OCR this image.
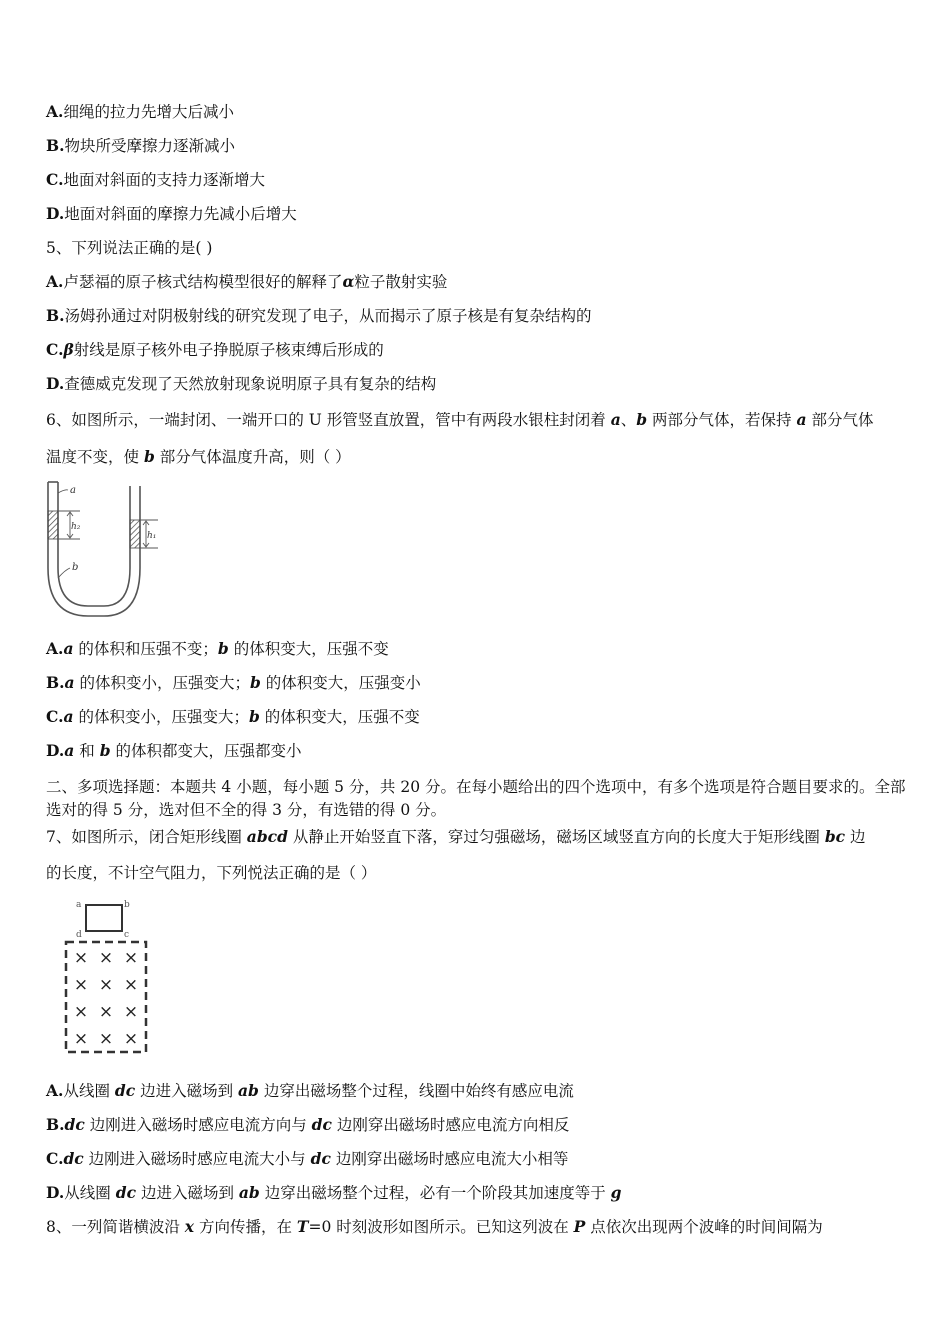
A.细绳的拉力先增大后减小
B.物块所受摩擦力逐渐减小
C.地面对斜面的支持力逐渐增大
D.地面对斜面的摩擦力先减小后增大
5、下列说法正确的是( )
A.卢瑟福的原子核式结构模型很好的解释了α粒子散射实验
B.汤姆孙通过对阴极射线的研究发现了电子，从而揭示了原子核是有复杂结构的
C.β射线是原子核外电子挣脱原子核束缚后形成的
D.查德威克发现了天然放射现象说明原子具有复杂的结构
6、如图所示，一端封闭、一端开口的 U 形管竖直放置，管中有两段水银柱封闭着 a、b 两部分气体，若保持 a 部分气体
温度不变，使 b 部分气体温度升高，则（ ）
a
h₂
h₁
b
A.a 的体积和压强不变；b 的体积变大，压强不变
B.a 的体积变小，压强变大；b 的体积变大，压强变小
C.a 的体积变小，压强变大；b 的体积变大，压强不变
D.a 和 b 的体积都变大，压强都变小
二、多项选择题：本题共 4 小题，每小题 5 分，共 20 分。在每小题给出的四个选项中，有多个选项是符合题目要求的。全部选对的得 5 分，选对但不全的得 3 分，有选错的得 0 分。
7、如图所示，闭合矩形线圈 abcd 从静止开始竖直下落，穿过匀强磁场，磁场区域竖直方向的长度大于矩形线圈 bc 边
的长度，不计空气阻力，下列悦法正确的是（ ）
a	b
c
d
× × ×
× × ×
× × ×
× × ×
A.从线圈 dc 边进入磁场到 ab 边穿出磁场整个过程，线圈中始终有感应电流
B.dc 边刚进入磁场时感应电流方向与 dc 边刚穿出磁场时感应电流方向相反
C.dc 边刚进入磁场时感应电流大小与 dc 边刚穿出磁场时感应电流大小相等
D.从线圈 dc 边进入磁场到 ab 边穿出磁场整个过程，必有一个阶段其加速度等于 g
8、一列简谐横波沿 x 方向传播，在 T=0 时刻波形如图所示。已知这列波在 P 点依次出现两个波峰的时间间隔为
